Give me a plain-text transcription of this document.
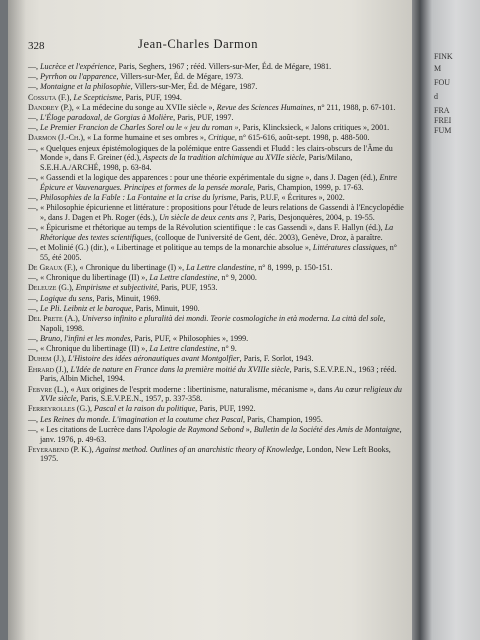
328	Jean-Charles Darmon
—, Lucrèce et l'expérience, Paris, Seghers, 1967 ; rééd. Villers-sur-Mer, Éd. de Mégare, 1981.
—, Pyrrhon ou l'apparence, Villers-sur-Mer, Éd. de Mégare, 1973.
—, Montaigne et la philosophie, Villers-sur-Mer, Éd. de Mégare, 1987.
Cossuta (F.), Le Scepticisme, Paris, PUF, 1994.
Dandrey (P.), « La médecine du songe au XVIIe siècle », Revue des Sciences Humaines, n° 211, 1988, p. 67-101.
—, L'Éloge paradoxal, de Gorgias à Molière, Paris, PUF, 1997.
—, Le Premier Francion de Charles Sorel ou le « jeu du roman », Paris, Klincksieck, « Jalons critiques », 2001.
Darmon (J.-Ch.), « La forme humaine et ses ombres », Critique, n° 615-616, août-sept. 1998, p. 488-500.
—, « Quelques enjeux épistémologiques de la polémique entre Gassendi et Fludd : les clairs-obscurs de l'Âme du Monde », dans F. Greiner (éd.), Aspects de la tradition alchimique au XVIIe siècle, Paris/Milano, S.E.H.A./ARCHÉ, 1998, p. 63-84.
—, « Gassendi et la logique des apparences : pour une théorie expérimentale du signe », dans J. Dagen (éd.), Entre Épicure et Vauvenargues. Principes et formes de la pensée morale, Paris, Champion, 1999, p. 17-63.
—, Philosophies de la Fable : La Fontaine et la crise du lyrisme, Paris, P.U.F, « Écritures », 2002.
—, « Philosophie épicurienne et littérature : propositions pour l'étude de leurs relations de Gassendi à l'Encyclopédie », dans J. Dagen et Ph. Roger (éds.), Un siècle de deux cents ans ?, Paris, Desjonquères, 2004, p. 19-55.
—, « Épicurisme et rhétorique au temps de la Révolution scientifique : le cas Gassendi », dans F. Hallyn (éd.), La Rhétorique des textes scientifiques, (colloque de l'université de Gent, déc. 2003), Genève, Droz, à paraître.
—, et Molinié (G.) (dir.), « Libertinage et politique au temps de la monarchie absolue », Littératures classiques, n° 55, été 2005.
De Graux (F.), « Chronique du libertinage (I) », La Lettre clandestine, n° 8, 1999, p. 150-151.
—, « Chronique du libertinage (II) », La Lettre clandestine, n° 9, 2000.
Deleuze (G.), Empirisme et subjectivité, Paris, PUF, 1953.
—, Logique du sens, Paris, Minuit, 1969.
—, Le Pli. Leibniz et le baroque, Paris, Minuit, 1990.
Del Prete (A.), Universo infinito e pluralità dei mondi. Teorie cosmologiche in età moderna. La città del sole, Napoli, 1998.
—, Bruno, l'infini et les mondes, Paris, PUF, « Philosophies », 1999.
—, « Chronique du libertinage (II) », La Lettre clandestine, n° 9.
Duhem (J.), L'Histoire des idées aéronautiques avant Montgolfier, Paris, F. Sorlot, 1943.
Ehrard (J.), L'Idée de nature en France dans la première moitié du XVIIIe siècle, Paris, S.E.V.P.E.N., 1963 ; rééd. Paris, Albin Michel, 1994.
Febvre (L.), « Aux origines de l'esprit moderne : libertinisme, naturalisme, mécanisme », dans Au cœur religieux du XVIe siècle, Paris, S.E.V.P.E.N., 1957, p. 337-358.
Ferreyrolles (G.), Pascal et la raison du politique, Paris, PUF, 1992.
—, Les Reines du monde. L'imagination et la coutume chez Pascal, Paris, Champion, 1995.
—, « Les citations de Lucrèce dans l'Apologie de Raymond Sebond », Bulletin de la Société des Amis de Montaigne, janv. 1976, p. 49-63.
Feyerabend (P. K.), Against method. Outlines of an anarchistic theory of Knowledge, London, New Left Books, 1975.
FINK
M
FOU
d
FRA
FREI
FUM
